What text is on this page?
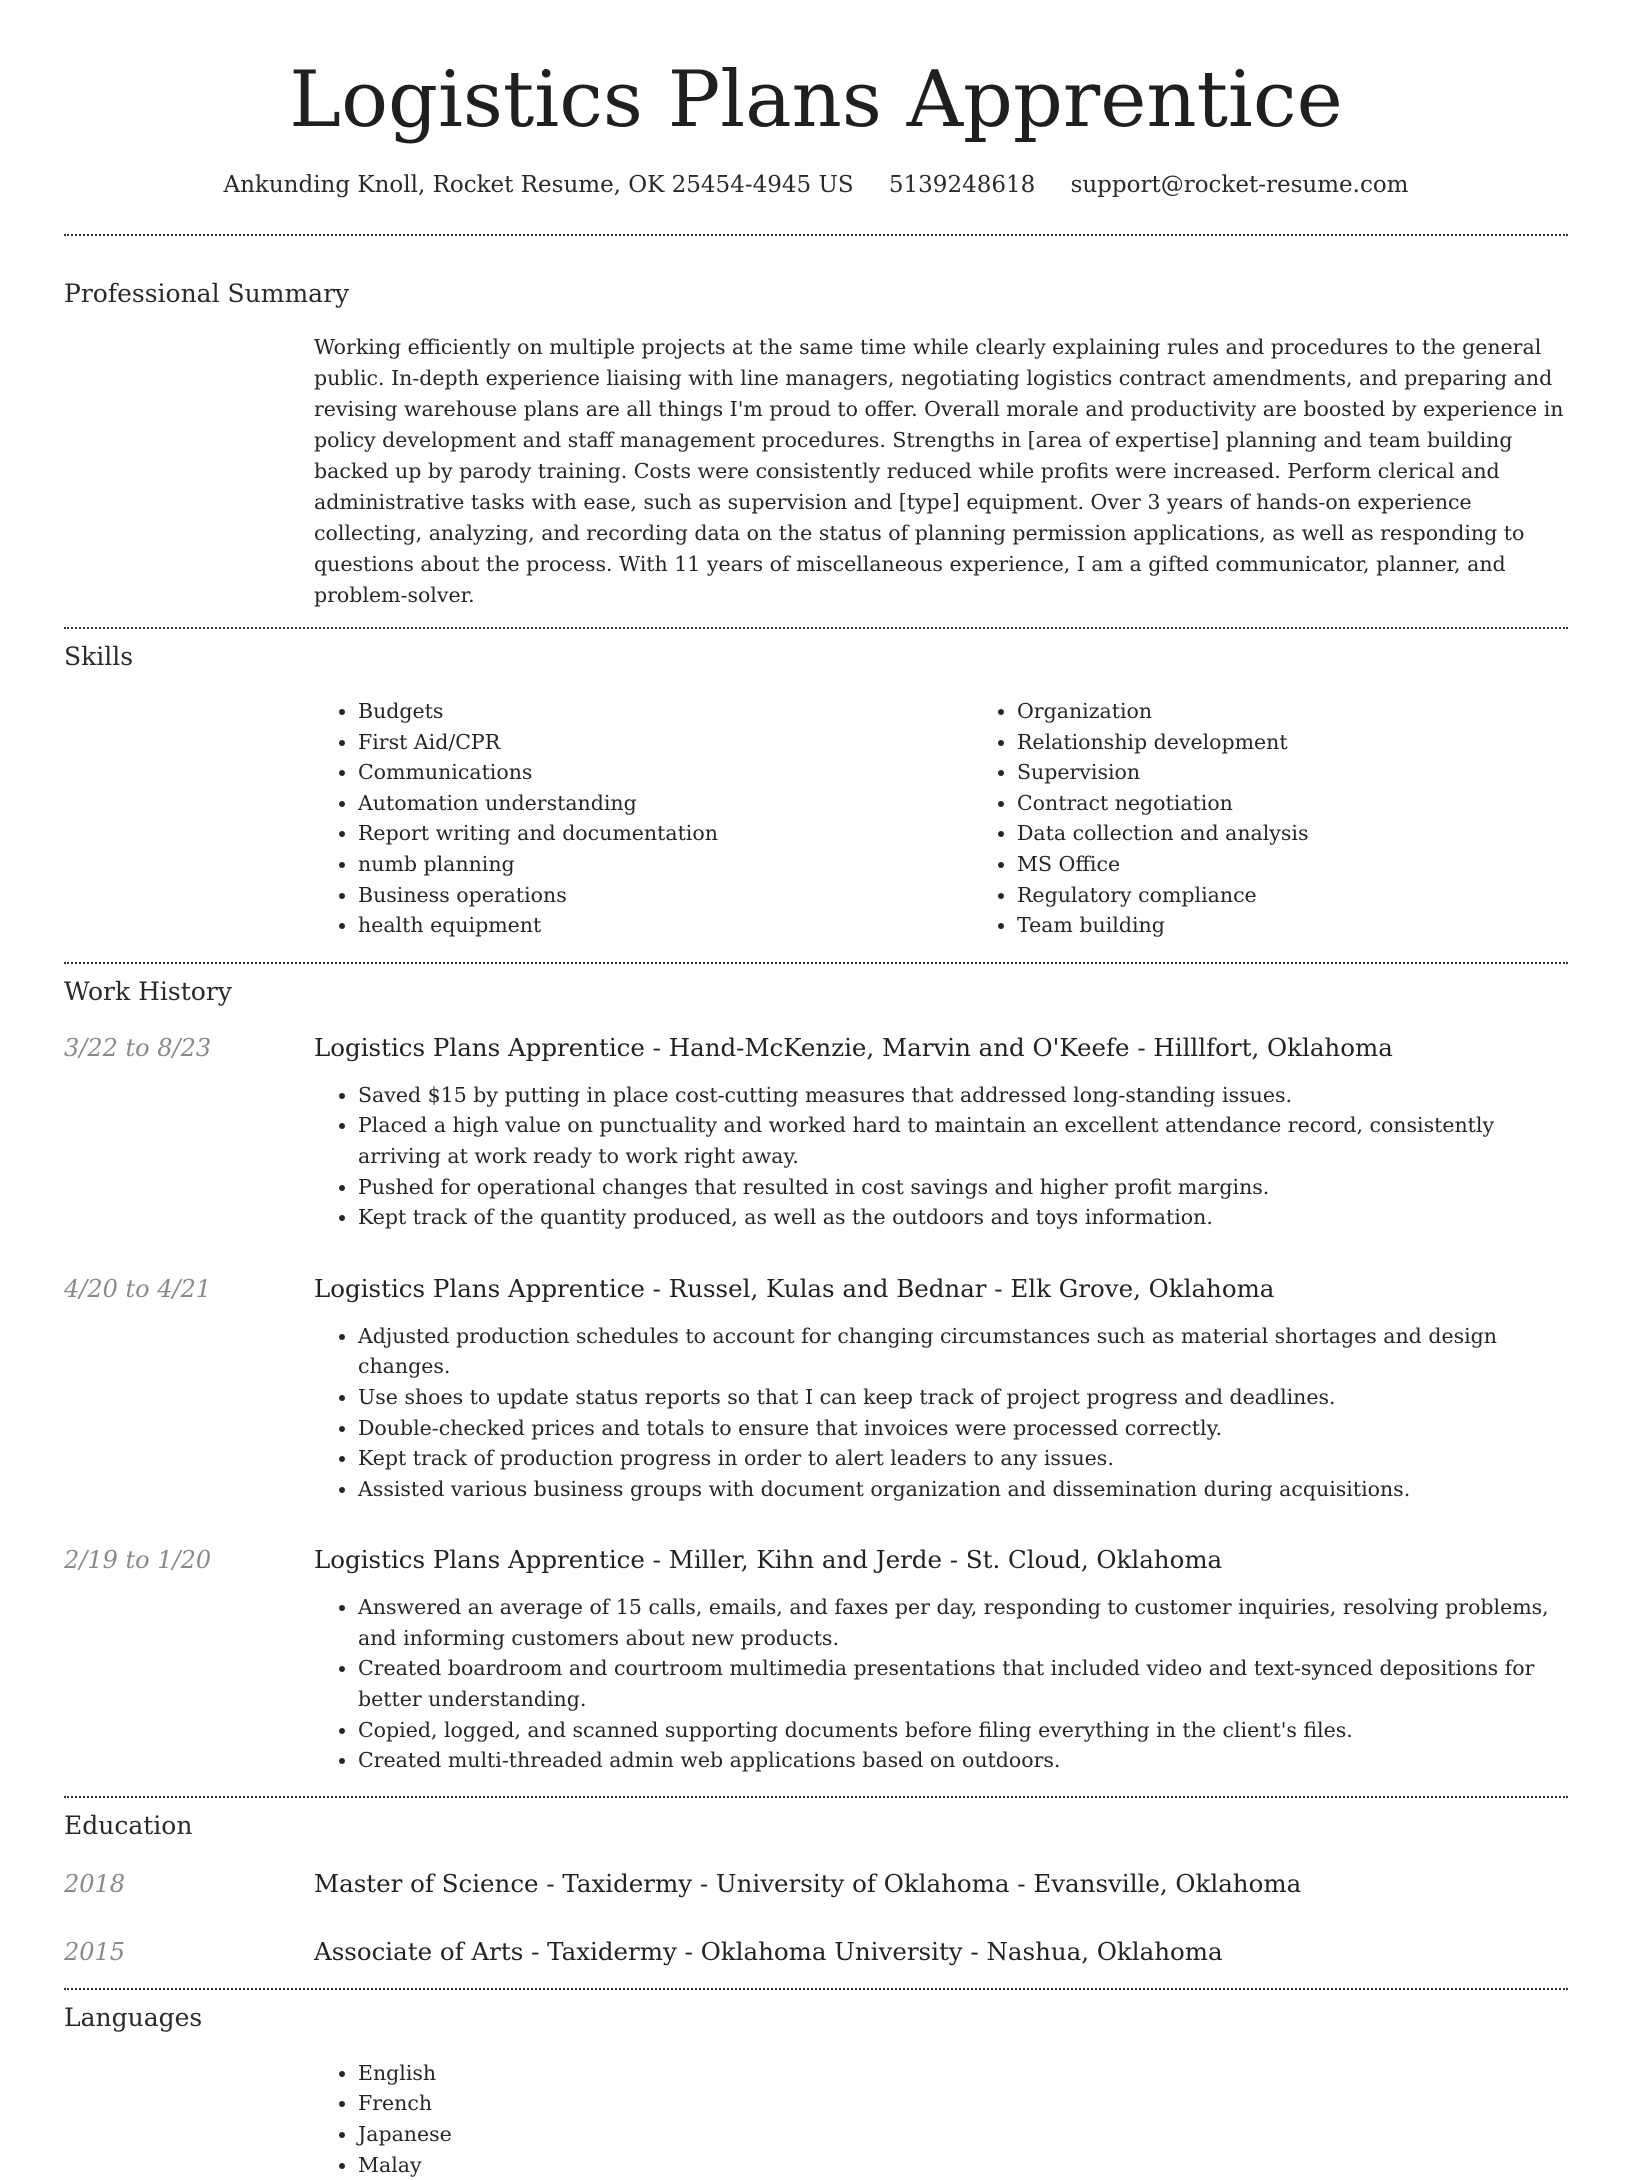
Logistics Plans Apprentice
Ankunding Knoll, Rocket Resume, OK 25454-4945 US 5139248618 support@rocket-resume.com
Professional Summary

Working efficiently on multiple projects at the same time while clearly explaining rules and procedures to the general public. In-depth experience liaising with line managers, negotiating logistics contract amendments, and preparing and revising warehouse plans are all things I'm proud to offer. Overall morale and productivity are boosted by experience in policy development and staff management procedures. Strengths in [area of expertise] planning and team building backed up by parody training. Costs were consistently reduced while profits were increased. Perform clerical and administrative tasks with ease, such as supervision and [type] equipment. Over 3 years of hands-on experience collecting, analyzing, and recording data on the status of planning permission applications, as well as responding to questions about the process. With 11 years of miscellaneous experience, I am a gifted communicator, planner, and problem-solver.

Skills
• Budgets
• First Aid/CPR
• Communications
• Automation understanding
• Report writing and documentation
• numb planning
• Business operations
• health equipment
• Organization
• Relationship development
• Supervision
• Contract negotiation
• Data collection and analysis
• MS Office
• Regulatory compliance
• Team building
Work History
3/22 to 8/23	Logistics Plans Apprentice - Hand-McKenzie, Marvin and O'Keefe - Hilllfort, Oklahoma
• Saved $15 by putting in place cost-cutting measures that addressed long-standing issues.
• Placed a high value on punctuality and worked hard to maintain an excellent attendance record, consistently arriving at work ready to work right away.
• Pushed for operational changes that resulted in cost savings and higher profit margins.
• Kept track of the quantity produced, as well as the outdoors and toys information.
4/20 to 4/21	Logistics Plans Apprentice - Russel, Kulas and Bednar - Elk Grove, Oklahoma
• Adjusted production schedules to account for changing circumstances such as material shortages and design changes.
• Use shoes to update status reports so that I can keep track of project progress and deadlines.
• Double-checked prices and totals to ensure that invoices were processed correctly.
• Kept track of production progress in order to alert leaders to any issues.
• Assisted various business groups with document organization and dissemination during acquisitions.
2/19 to 1/20	Logistics Plans Apprentice - Miller, Kihn and Jerde - St. Cloud, Oklahoma
• Answered an average of 15 calls, emails, and faxes per day, responding to customer inquiries, resolving problems, and informing customers about new products.
• Created boardroom and courtroom multimedia presentations that included video and text-synced depositions for better understanding.
• Copied, logged, and scanned supporting documents before filing everything in the client's files.
• Created multi-threaded admin web applications based on outdoors.
Education
2018	Master of Science - Taxidermy - University of Oklahoma - Evansville, Oklahoma
2015	Associate of Arts - Taxidermy - Oklahoma University - Nashua, Oklahoma
Languages
• English
• French
• Japanese
• Malay
